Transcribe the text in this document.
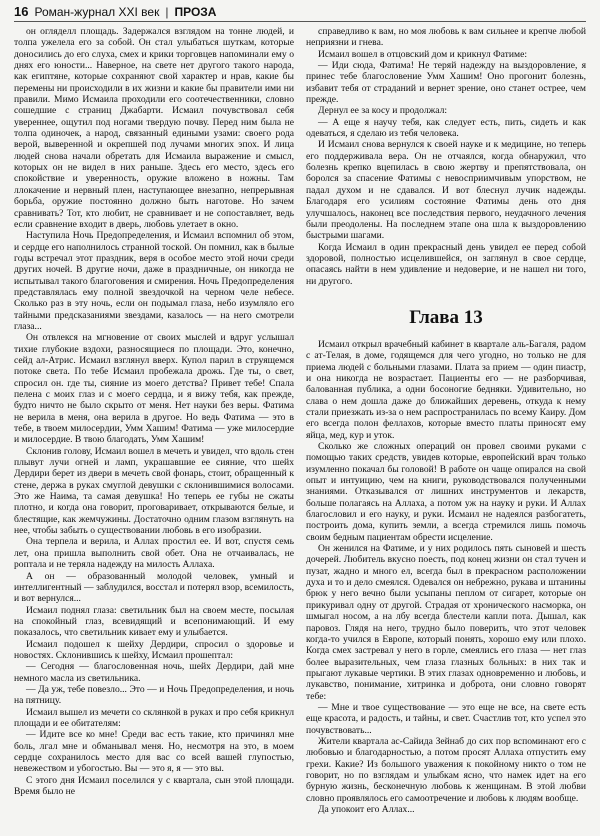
16 Роман-журнал XXI век | ПРОЗА

он огляделл площадь. Задержался взглядом на тонне людей, и толпа ужелела его за собой. Он стал улыбаться шуткам, которые доносились до его слуха, смех и крики торговцев напоминали ему о днях его юности... Наверное, на свете нет другого такого народа, как египтяне, которые сохраняют свой характер и нрав, какие бы перемены ни происходили в их жизни и какие бы правители ими ни правили. Мимо Исмаила проходили его соотечественники, словно сошедшие с страниц Джабарти. Исмаил почувствовал себя увереннее, ощутил под ногами твердую почву. Перед ним была не толпа одиночек, а народ, связанный едиными узами: своего рода верой, выверенной и окрепшей под лучами многих эпох. И лица людей снова начали обретать для Исмаила выражение и смысл, которых он не видел в них раньше. Здесь его место, здесь его спокойствие и уверенность, оружие вложено в ножны. Там ллокачение и нервный плен, наступающее внезапно, непрерывная борьба, оружие постоянно должно быть наготове. Но зачем сравнивать? Тот, кто любит, не сравнивает и не сопоставляет, ведь если сравнение входит в дверь, любовь улетает в окно.

Наступила Ночь Предопределения, и Исмаил вспомнил об этом, и сердце его наполнилось странной тоской. Он помнил, как в былые годы встречал этот праздник, веря в особое место этой ночи среди других ночей. В другие ночи, даже в праздничные, он никогда не испытывал такого благоговения и смирения. Ночь Предопределения представлялась ему полной звездочкой на черном челе небесе. Сколько раз в эту ночь, если он подымал глаза, небо изумляло его тайными предсказаниями звездами, казалось — на него смотрели глаза...

Он отвлекся на мгновение от своих мыслей и вдруг услышал тихие глубокие вздохи, разносящиеся по площади. Это, конечно, сейд ал-Атрис. Исмаил взглянул вверх. Купол парил в струящемся потоке света. По тебе Исмаил пробежала дрожь. Где ты, о свет, спросил он. где ты, сияние из моего детства? Привет тебе! Спала пелена с моих глаз и с моего сердца, и я вижу тебя, как прежде, будто ничто не было скрыто от меня. Нет науки без веры. Фатима не верила в меня, она верила в другое. Но ведь Фатима — это в тебе, в твоем милосердии, Умм Хашим! Фатима — уже милосердие и милосердие. В твою благодать, Умм Хашим!

Склонив голову, Исмаил вошел в мечеть и увидел, что вдоль стен плывут лучи огней и ламп, украшавшие ее сияние, что шейх Дердири берет из двери в мечеть свой фонарь, стоит, обращенный к стене, держа в руках смуглой девушки с склонившимися волосами. Это же Наима, та самая девушка! Но теперь ее губы не сжаты плотно, и когда она говорит, проговаривает, открываются белые, и блестящие, как жемчужины. Достаточно одним глазом взглянуть на нее, чтобы забыть о существовании любовь в его изобразии.

Она терпела и верила, и Аллах простил ее. И вот, спустя семь лет, она пришла выполнить свой обет. Она не отчаивалась, не роптала и не теряла надежду на милость Аллаха.

А он — образованный молодой человек, умный и интеллигентный — заблудился, восстал и потерял взор, всемилость, и вот вернулся...

Исмаил поднял глаза: светильник был на своем месте, посылая на спокойный глаз, всевидящий и всепонимающий. И ему показалось, что светильник кивает ему и улыбается.

Исмаил подошел к шейху Дердири, спросил о здоровье и новостях. Склонившись к шейху, Исмаил прошептал:

— Сегодня — благословенная ночь, шейх Дердири, дай мне немного масла из светильника.

— Да уж, тебе повезло... Это — и Ночь Предопределения, и ночь на пятницу.

Исмаил вышел из мечети со склянкой в руках и про себя крикнул площади и ее обитателям:

— Идите все ко мне! Среди вас есть такие, кто причинял мне боль, лгал мне и обманывал меня. Но, несмотря на это, в моем сердце сохранилось место для вас со всей вашей глупостью, невежеством и убогостью. Вы — это я, я — это вы.

С этого дня Исмаил поселился у с квартала, сын этой площади. Время было не

справедливо к вам, но моя любовь к вам сильнее и крепче любой неприязни и гнева.

Исмаил вошел в отцовский дом и крикнул Фатиме:

— Иди сюда, Фатима! Не теряй надежду на выздоровление, я принес тебе благословение Умм Хашим! Оно прогонит болезнь, избавит тебя от страданий и вернет зрение, оно станет острее, чем прежде.

Дернул ее за косу и продолжал:

— А еще я научу тебя, как следует есть, пить, сидеть и как одеваться, я сделаю из тебя человека.

И Исмаил снова вернулся к своей науке и к медицине, но теперь его поддерживала вера. Он не отчаялся, когда обнаружил, что болезнь крепко вцепилась в свою жертву и препятствовала, он боролся за спасение Фатимы с невосприимчивым упорством, не падал духом и не сдавался. И вот блеснул лучик надежды. Благодаря его усилиям состояние Фатимы день ото дня улучшалось, наконец все последствия первого, неудачного лечения были преодолены. На последнем этапе она шла к выздоровлению быстрыми шагами.

Когда Исмаил в один прекрасный день увидел ее перед собой здоровой, полностью исцелившейся, он заглянул в свое сердце, опасаясь найти в нем удивление и недоверие, и не нашел ни того, ни другого.

Глава 13

Исмаил открыл врачебный кабинет в квартале аль-Багаля, радом с ат-Телая, в доме, годящемся для чего угодно, но только не для приема людей с больными глазами. Плата за прием — один пиастр, и она никогда не возрастает. Пациенты его — не разборчивая, балованная публика, а одни босоногие бедняки. Удивительно, но слава о нем дошла даже до ближайших деревень, откуда к нему стали приезжать из-за о нем распространилась по всему Каиру. Дом его всегда полон феллахов, которые вместо платы приносят ему яйца, мед, кур и уток.

Сколько же сложных операций он провел своими руками с помощью таких средств, увидев которые, европейский врач только изумленно покачал бы головой! В работе он чаще опирался на свой опыт и интуицию, чем на книги, руководствовался полученными знаниями. Отказывался от лишних инструментов и лекарств, больше полагаясь на Аллаха, а потом уж на науку и руки. И Аллах благословил и его науку, и руки. Исмаил не надеялся разбогатеть, построить дома, купить земли, а всегда стремился лишь помочь своим бедным пациентам обрести исцеление.

Он женился на Фатиме, и у них родилось пять сыновей и шесть дочерей. Любитель вкусно поесть, под конец жизни он стал тучен и пузат, жадно и много ел, всегда был в прекрасном расположении духа и то и дело смеялся. Одевался он небрежно, рукава и штанины брюк у него вечно были усыпаны пеплом от сигарет, которые он прикуривал одну от другой. Страдая от хронического насморка, он шмыгал носом, а на лбу всегда блестели капли пота. Дышал, как паровоз. Глядя на него, трудно было поверить, что этот человек когда-то учился в Европе, который понять, хорошо ему или плохо. Когда смех застревал у него в горле, смеялись его глаза — нет глаз более выразительных, чем глаза глазных больных: в них так и прыгают лукавые чертики. В этих глазах одновременно и любовь, и лукавство, понимание, хитринка и доброта, они словно говорят тебе:

— Мне и твое существование — это еще не все, на свете есть еще красота, и радость, и тайны, и свет. Счастлив тот, кто успел это почувствовать...

Жители квартала ас-Сайида Зейнаб до сих пор вспоминают его с любовью и благодарностью, а потом просят Аллаха отпустить ему грехи. Какие? Из большого уважения к покойному никто о том не говорит, но по взглядам и улыбкам ясно, что намек идет на его бурную жизнь, бесконечную любовь к женщинам. В этой любви словно проявлялось его самоотречение и любовь к людям вообще.

Да упокоит его Аллах...
